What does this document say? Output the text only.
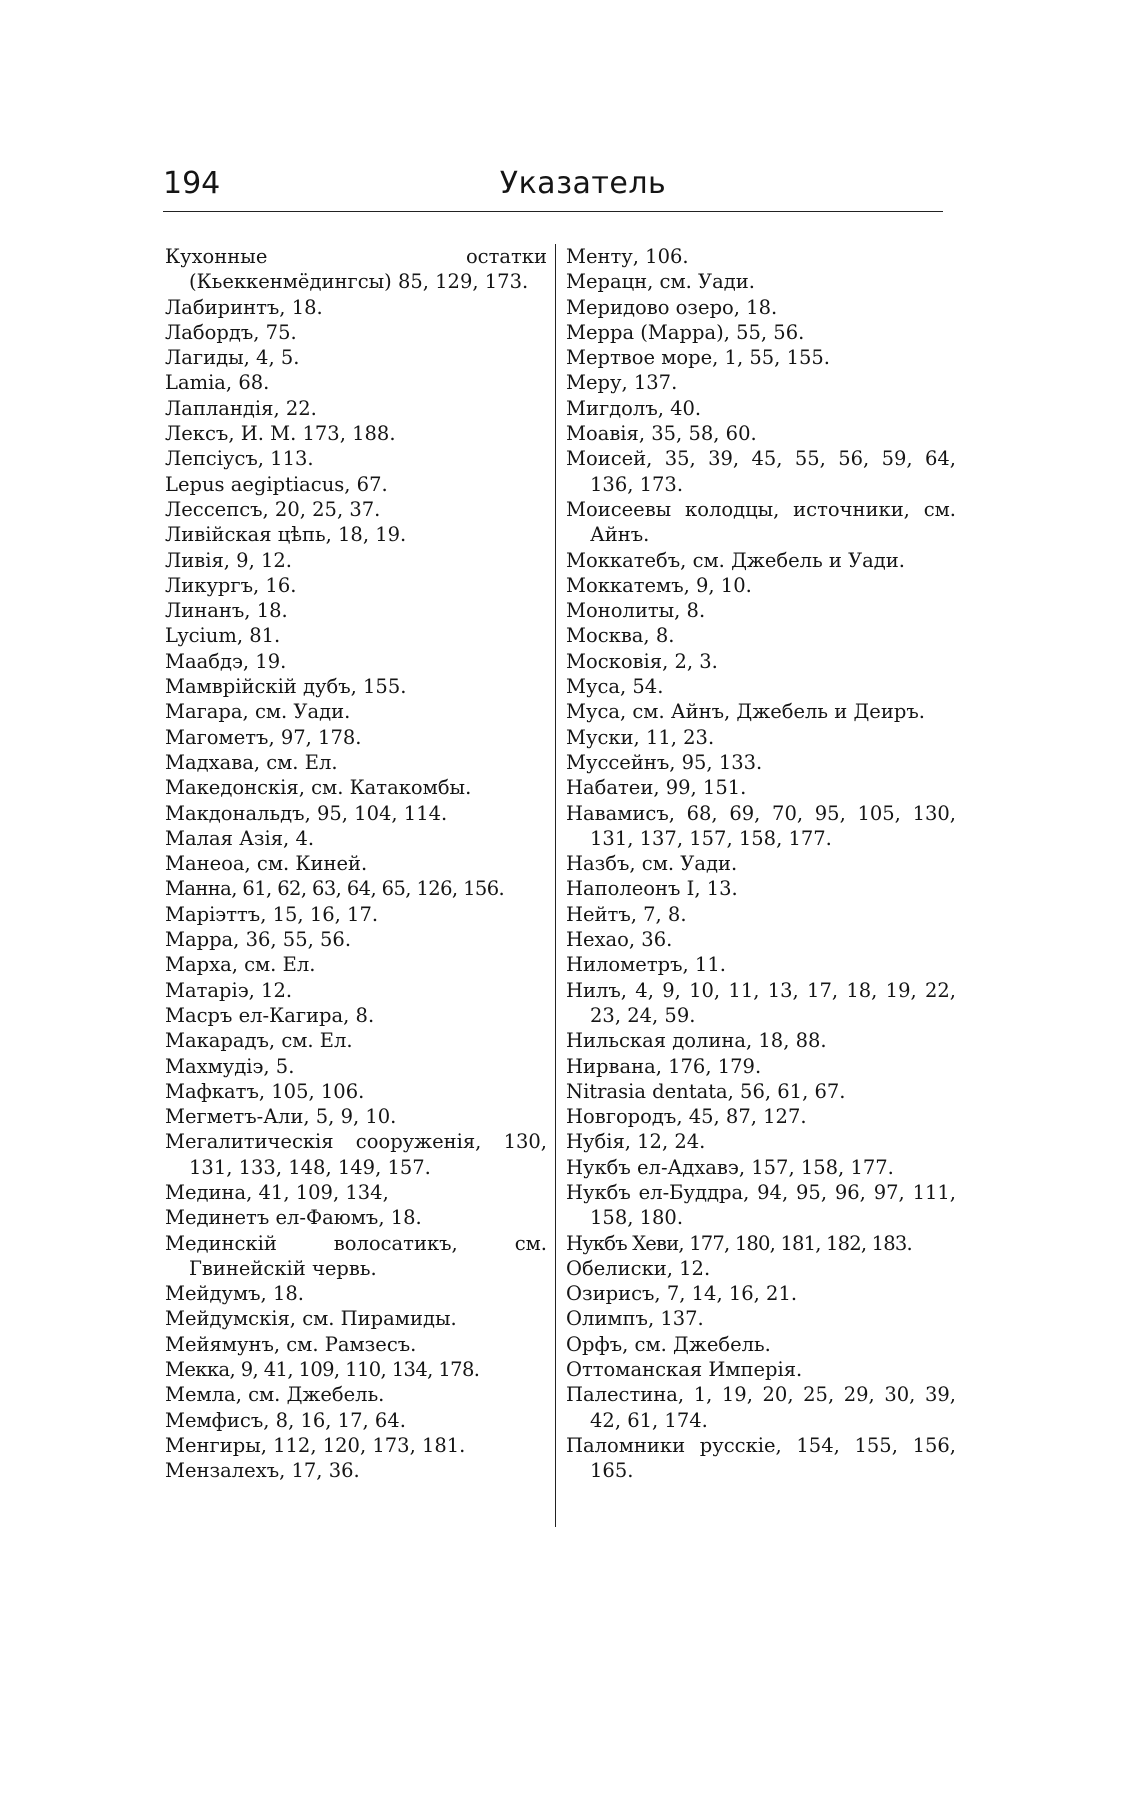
194	Указатель
Кухонные остатки (Кьеккенмёдингсы) 85, 129, 173.
Лабиринтъ, 18.
Лабордъ, 75.
Лагиды, 4, 5.
Lamia, 68.
Лапландія, 22.
Лексъ, И. М. 173, 188.
Лепсіусъ, 113.
Lepus aegiptiacus, 67.
Лессепсъ, 20, 25, 37.
Ливійская цѣпь, 18, 19.
Ливія, 9, 12.
Ликургъ, 16.
Линанъ, 18.
Lycium, 81.
Маабдэ, 19.
Мамврійскій дубъ, 155.
Магара, см. Уади.
Магометъ, 97, 178.
Мадхава, см. Ел.
Македонскія, см. Катакомбы.
Макдональдъ, 95, 104, 114.
Малая Азія, 4.
Манеоа, см. Киней.
Манна, 61, 62, 63, 64, 65, 126, 156.
Маріэттъ, 15, 16, 17.
Марра, 36, 55, 56.
Марха, см. Ел.
Матаріэ, 12.
Масръ ел-Кагира, 8.
Макарадъ, см. Ел.
Махмудіэ, 5.
Мафкатъ, 105, 106.
Мегметъ-Али, 5, 9, 10.
Мегалитическія сооруженія, 130, 131, 133, 148, 149, 157.
Медина, 41, 109, 134,
Мединетъ ел-Фаюмъ, 18.
Мединскій волосатикъ, см. Гвинейскій червь.
Мейдумъ, 18.
Мейдумскія, см. Пирамиды.
Мейямунъ, см. Рамзесъ.
Мекка, 9, 41, 109, 110, 134, 178.
Мемла, см. Джебель.
Мемфисъ, 8, 16, 17, 64.
Менгиры, 112, 120, 173, 181.
Мензалехъ, 17, 36.
Менту, 106.
Мерацн, см. Уади.
Меридово озеро, 18.
Мерра (Марра), 55, 56.
Мертвое море, 1, 55, 155.
Меру, 137.
Мигдолъ, 40.
Моавія, 35, 58, 60.
Моисей, 35, 39, 45, 55, 56, 59, 64, 136, 173.
Моисеевы колодцы, источники, см. Айнъ.
Моккатебъ, см. Джебель и Уади.
Моккатемъ, 9, 10.
Монолиты, 8.
Москва, 8.
Московія, 2, 3.
Муса, 54.
Муса, см. Айнъ, Джебель и Деиръ.
Муски, 11, 23.
Муссейнъ, 95, 133.
Набатеи, 99, 151.
Навамисъ, 68, 69, 70, 95, 105, 130, 131, 137, 157, 158, 177.
Назбъ, см. Уади.
Наполеонъ I, 13.
Нейтъ, 7, 8.
Нехао, 36.
Нилометръ, 11.
Нилъ, 4, 9, 10, 11, 13, 17, 18, 19, 22, 23, 24, 59.
Нильская долина, 18, 88.
Нирвана, 176, 179.
Nitrasia dentata, 56, 61, 67.
Новгородъ, 45, 87, 127.
Нубія, 12, 24.
Нукбъ ел-Адхавэ, 157, 158, 177.
Нукбъ ел-Буддра, 94, 95, 96, 97, 111, 158, 180.
Нукбъ Хеви, 177, 180, 181, 182, 183.
Обелиски, 12.
Озирисъ, 7, 14, 16, 21.
Олимпъ, 137.
Орфъ, см. Джебель.
Оттоманская Имперія.
Палестина, 1, 19, 20, 25, 29, 30, 39, 42, 61, 174.
Паломники русскіе, 154, 155, 156, 165.
